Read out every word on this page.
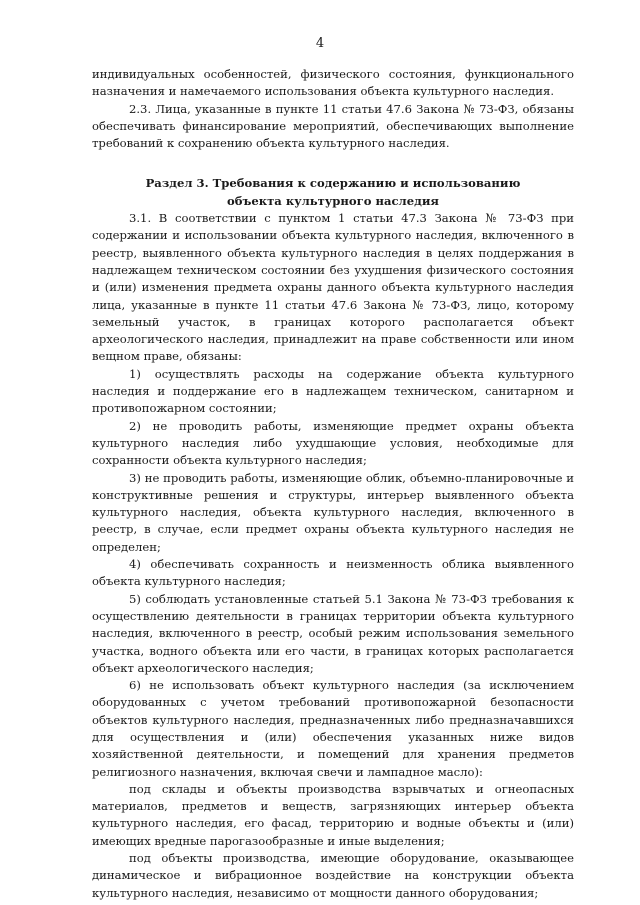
4

индивидуальных особенностей, физического состояния, функционального назначения и намечаемого использования объекта культурного наследия.

2.3. Лица, указанные в пункте 11 статьи 47.6 Закона № 73-ФЗ, обязаны обеспечивать финансирование мероприятий, обеспечивающих выполнение требований к сохранению объекта культурного наследия.

Раздел 3. Требования к содержанию и использованию
объекта культурного наследия

3.1. В соответствии с пунктом 1 статьи 47.3 Закона № 73-ФЗ при содержании и использовании объекта культурного наследия, включенного в реестр, выявленного объекта культурного наследия в целях поддержания в надлежащем техническом состоянии без ухудшения физического состояния и (или) изменения предмета охраны данного объекта культурного наследия лица, указанные в пункте 11 статьи 47.6 Закона № 73-ФЗ, лицо, которому земельный участок, в границах которого располагается объект археологического наследия, принадлежит на праве собственности или ином вещном праве, обязаны:

1) осуществлять расходы на содержание объекта культурного наследия и поддержание его в надлежащем техническом, санитарном и противопожарном состоянии;

2) не проводить работы, изменяющие предмет охраны объекта культурного наследия либо ухудшающие условия, необходимые для сохранности объекта культурного наследия;

3) не проводить работы, изменяющие облик, объемно-планировочные и конструктивные решения и структуры, интерьер выявленного объекта культурного наследия, объекта культурного наследия, включенного в реестр, в случае, если предмет охраны объекта культурного наследия не определен;

4) обеспечивать сохранность и неизменность облика выявленного объекта культурного наследия;

5) соблюдать установленные статьей 5.1 Закона № 73-ФЗ требования к осуществлению деятельности в границах территории объекта культурного наследия, включенного в реестр, особый режим использования земельного участка, водного объекта или его части, в границах которых располагается объект археологического наследия;

6) не использовать объект культурного наследия (за исключением оборудованных с учетом требований противопожарной безопасности объектов культурного наследия, предназначенных либо предназначавшихся для осуществления и (или) обеспечения указанных ниже видов хозяйственной деятельности, и помещений для хранения предметов религиозного назначения, включая свечи и лампадное масло):

под склады и объекты производства взрывчатых и огнеопасных материалов, предметов и веществ, загрязняющих интерьер объекта культурного наследия, его фасад, территорию и водные объекты и (или) имеющих вредные парогазообразные и иные выделения;

под объекты производства, имеющие оборудование, оказывающее динамическое и вибрационное воздействие на конструкции объекта культурного наследия, независимо от мощности данного оборудования;
